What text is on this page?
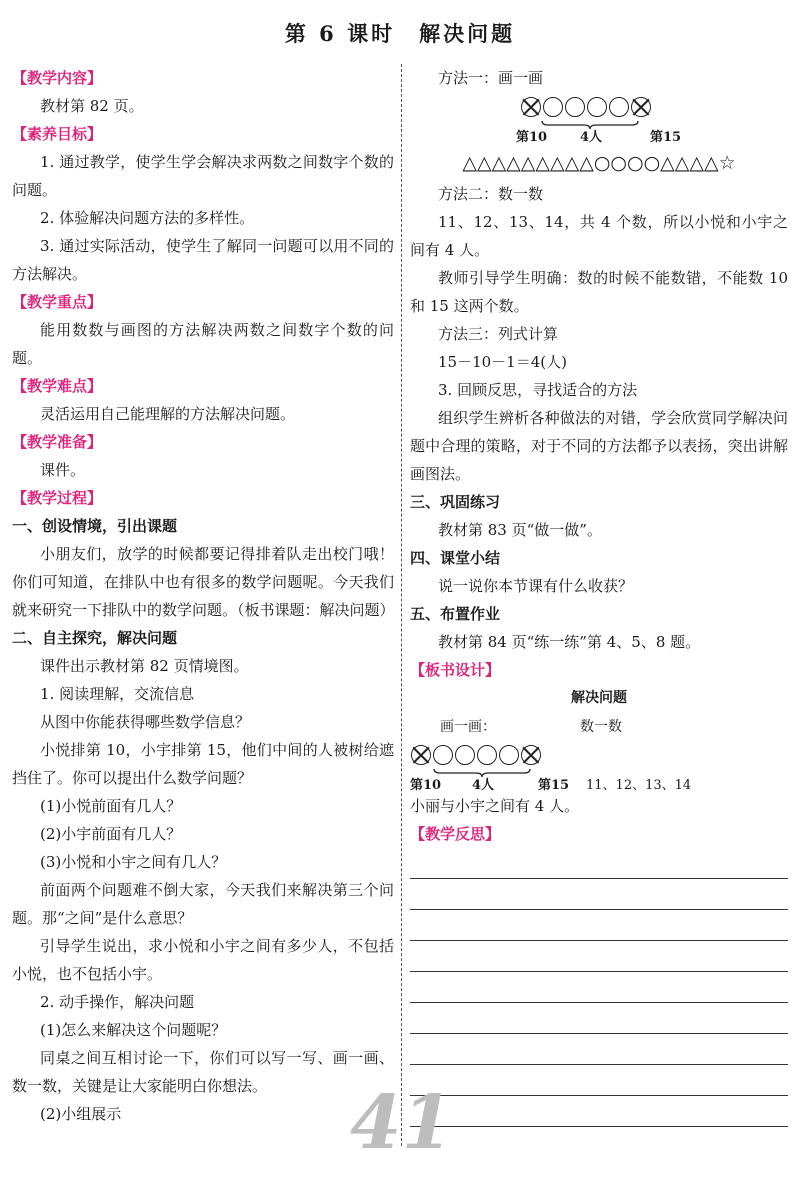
第 6 课时　解决问题
【教学内容】
教材第 82 页。
【素养目标】
1. 通过教学，使学生学会解决求两数之间数字个数的问题。
2. 体验解决问题方法的多样性。
3. 通过实际活动，使学生了解同一问题可以用不同的方法解决。
【教学重点】
能用数数与画图的方法解决两数之间数字个数的问题。
【教学难点】
灵活运用自己能理解的方法解决问题。
【教学准备】
课件。
【教学过程】
一、创设情境，引出课题
小朋友们，放学的时候都要记得排着队走出校门哦！你们可知道，在排队中也有很多的数学问题呢。今天我们就来研究一下排队中的数学问题。（板书课题：解决问题）
二、自主探究，解决问题
课件出示教材第 82 页情境图。
1. 阅读理解，交流信息
从图中你能获得哪些数学信息？
小悦排第 10，小宇排第 15，他们中间的人被树给遮挡住了。你可以提出什么数学问题？
(1)小悦前面有几人？
(2)小宇前面有几人？
(3)小悦和小宇之间有几人？
前面两个问题难不倒大家，今天我们来解决第三个问题。那“之间”是什么意思？
引导学生说出，求小悦和小宇之间有多少人，不包括小悦，也不包括小宇。
2. 动手操作，解决问题
(1)怎么来解决这个问题呢？
同桌之间互相讨论一下，你们可以写一写、画一画、数一数，关键是让大家能明白你想法。
(2)小组展示
方法一：画一画
第10	4人	第15
△△△△△△△△△○○○○△△△△☆
方法二：数一数
11、12、13、14，共 4 个数，所以小悦和小宇之间有 4 人。
教师引导学生明确：数的时候不能数错，不能数 10 和 15 这两个数。
方法三：列式计算
15－10－1＝4(人)
3. 回顾反思，寻找适合的方法
组织学生辨析各种做法的对错，学会欣赏同学解决问题中合理的策略，对于不同的方法都予以表扬，突出讲解画图法。
三、巩固练习
教材第 83 页“做一做”。
四、课堂小结
说一说你本节课有什么收获？
五、布置作业
教材第 84 页“练一练”第 4、5、8 题。
【板书设计】
解决问题
画一画：	数一数
第10 4人	第15 11、12、13、14
小丽与小宇之间有 4 人。
【教学反思】
41
